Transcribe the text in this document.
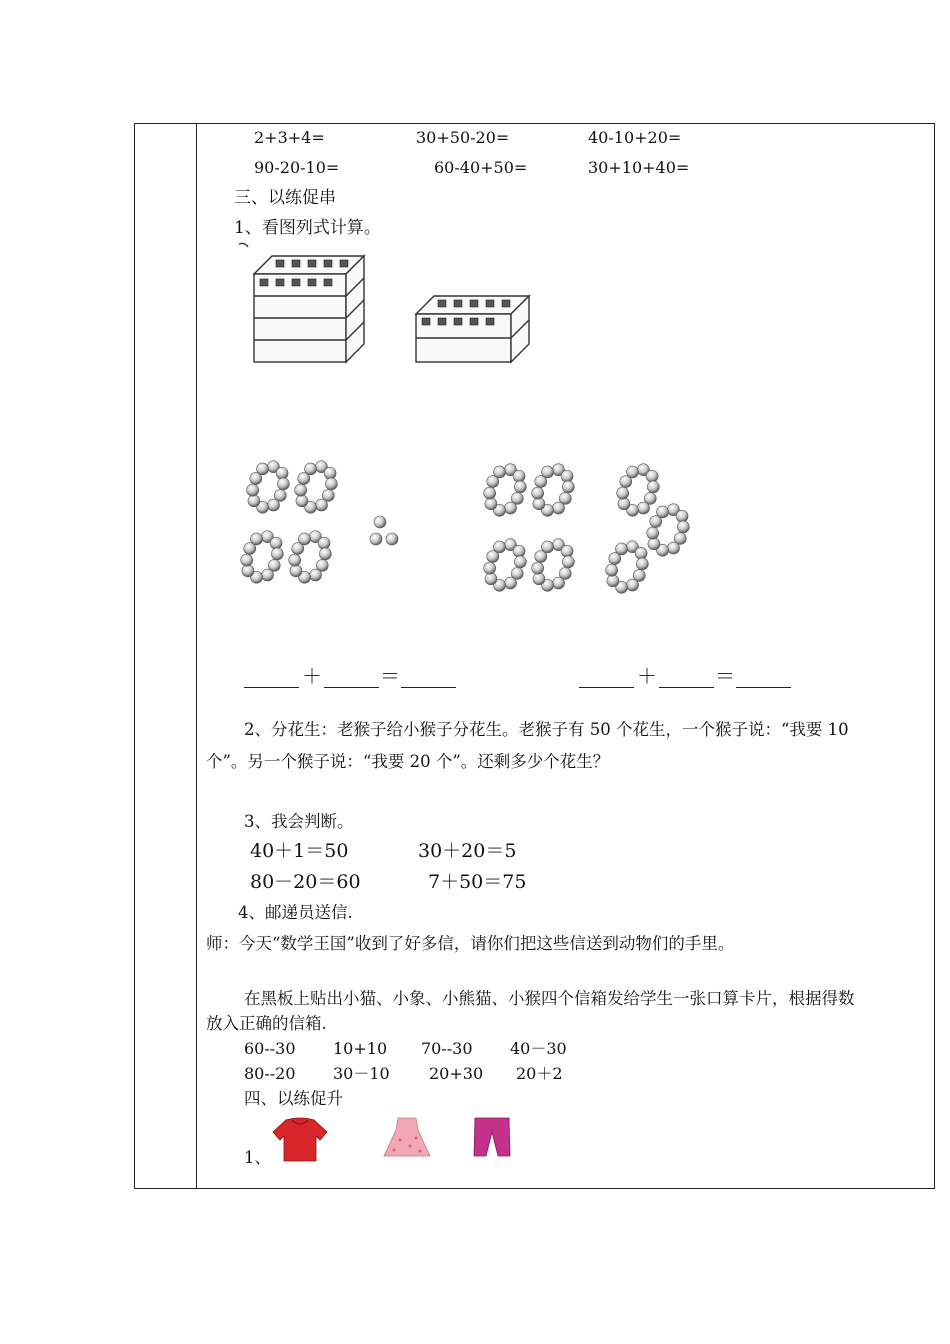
2+3+4=	30+50-20=	40-10+20=
90-20-10=	60-40+50=	30+10+40=
三、以练促串
1、看图列式计算。
＋	＝	＋	＝
2、分花生：老猴子给小猴子分花生。老猴子有 50 个花生，一个猴子说：“我要 10
个”。另一个猴子说：“我要 20 个”。还剩多少个花生？
3、我会判断。
40＋1＝50	30＋20＝5
80－20＝60	7＋50＝75
4、邮递员送信.
师：今天“数学王国”收到了好多信，请你们把这些信送到动物们的手里。
在黑板上贴出小猫、小象、小熊猫、小猴四个信箱发给学生一张口算卡片，根据得数
放入正确的信箱.
60--30 10+10 70--30 40－30
80--20 30－10 20+30 20＋2
四、以练促升
1、
